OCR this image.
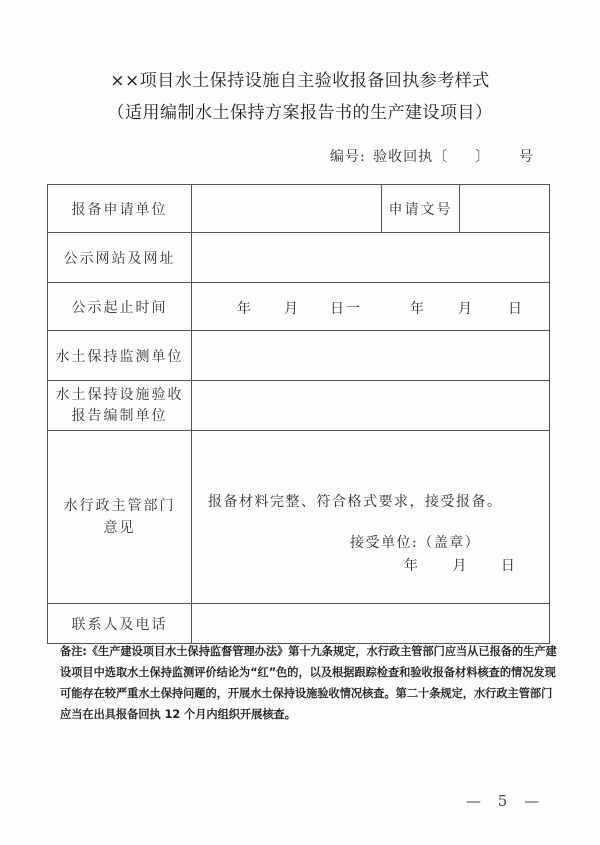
××项目水土保持设施自主验收报备回执参考样式
（适用编制水土保持方案报告书的生产建设项目）
编号: 验收回执〔 〕 号
报备申请单位		申请文号	
公示网站及网址			
公示起止时间	年 月 日一	年 月 日

水土保持监测单位			

水土保持设施验收
报告编制单位			

水行政主管部门
意见

报备材料完整、符合格式要求，接受报备。
接受单位:（盖章）
年 月 日

联系人及电话			
备注:《生产建设项目水土保持监督管理办法》第十九条规定，水行政主管部门应当从已报备的生产建设项目中选取水土保持监测评价结论为“红”色的，以及根据跟踪检查和验收报备材料核查的情况发现可能存在较严重水土保持问题的，开展水土保持设施验收情况核查。第二十条规定，水行政主管部门应当在出具报备回执 12 个月内组织开展核查。
— 5 —
